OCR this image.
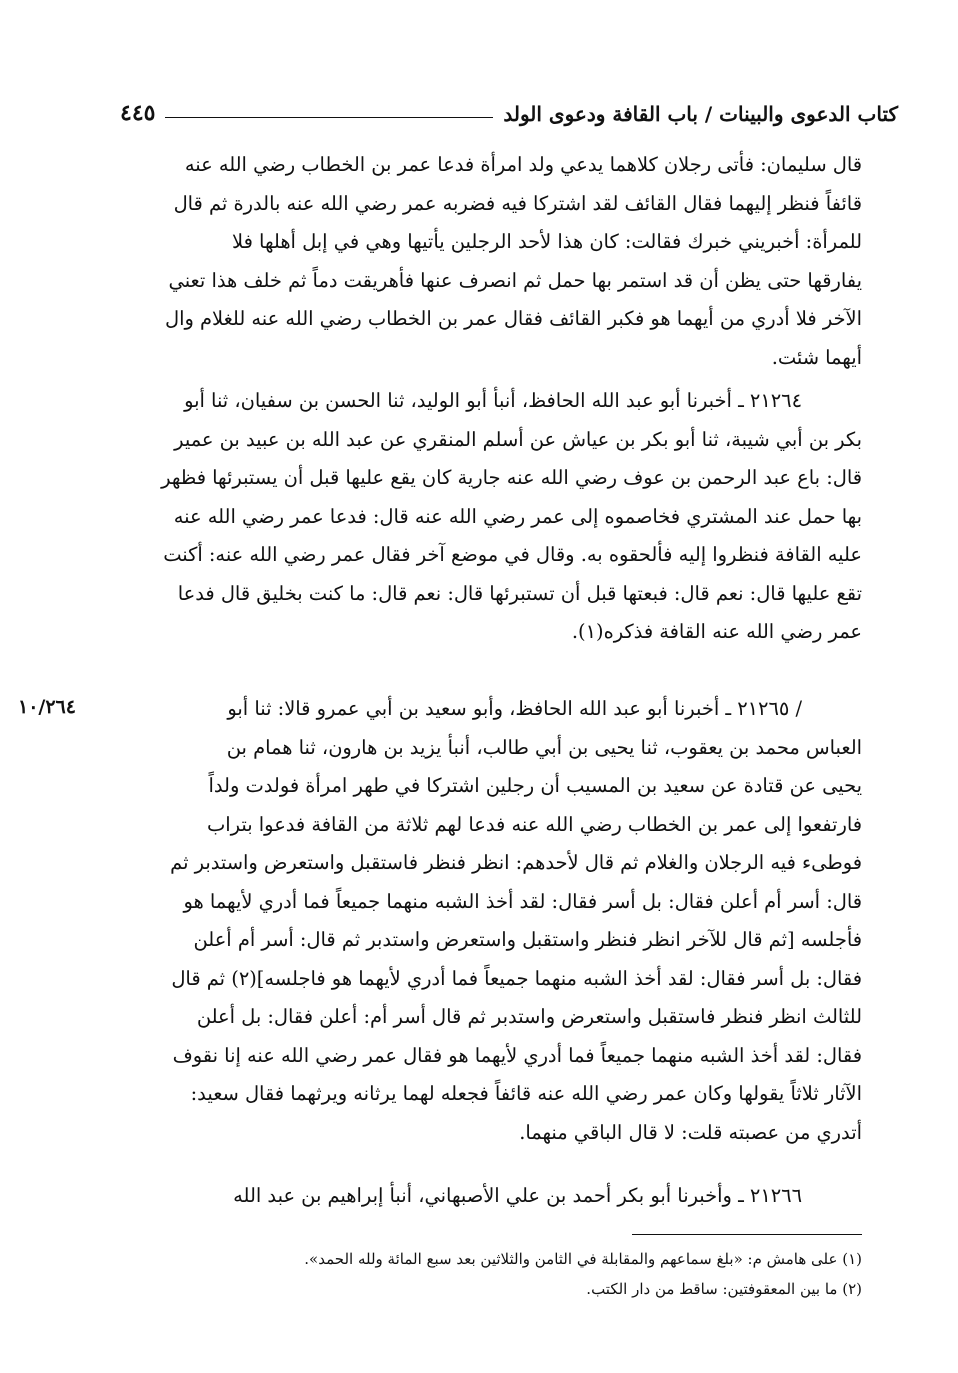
كتاب الدعوى والبينات / باب القافة ودعوى الولد
٤٤٥
قال سليمان: فأتى رجلان كلاهما يدعي ولد امرأة فدعا عمر بن الخطاب رضي الله عنه
قائفاً فنظر إليهما فقال القائف لقد اشتركا فيه فضربه عمر رضي الله عنه بالدرة ثم قال
للمرأة: أخبريني خبرك فقالت: كان هذا لأحد الرجلين يأتيها وهي في إبل أهلها فلا
يفارقها حتى يظن أن قد استمر بها حمل ثم انصرف عنها فأهريقت دماً ثم خلف هذا تعني
الآخر فلا أدري من أيهما هو فكبر القائف فقال عمر بن الخطاب رضي الله عنه للغلام وال
أيهما شئت.
٢١٢٦٤ ـ أخبرنا أبو عبد الله الحافظ، أنبأ أبو الوليد، ثنا الحسن بن سفيان، ثنا أبو
بكر بن أبي شيبة، ثنا أبو بكر بن عياش عن أسلم المنقري عن عبد الله بن عبيد بن عمير
قال: باع عبد الرحمن بن عوف رضي الله عنه جارية كان يقع عليها قبل أن يستبرئها فظهر
بها حمل عند المشتري فخاصموه إلى عمر رضي الله عنه قال: فدعا عمر رضي الله عنه
عليه القافة فنظروا إليه فألحقوه به. وقال في موضع آخر فقال عمر رضي الله عنه: أكنت
تقع عليها قال: نعم قال: فبعتها قبل أن تستبرئها قال: نعم قال: ما كنت بخليق قال فدعا
عمر رضي الله عنه القافة فذكره(١).
١٠/٢٦٤	/ ٢١٢٦٥ ـ أخبرنا أبو عبد الله الحافظ، وأبو سعيد بن أبي عمرو قالا: ثنا أبو
العباس محمد بن يعقوب، ثنا يحيى بن أبي طالب، أنبأ يزيد بن هارون، ثنا همام بن
يحيى عن قتادة عن سعيد بن المسيب أن رجلين اشتركا في طهر امرأة فولدت ولداً
فارتفعوا إلى عمر بن الخطاب رضي الله عنه فدعا لهم ثلاثة من القافة فدعوا بتراب
فوطىء فيه الرجلان والغلام ثم قال لأحدهم: انظر فنظر فاستقبل واستعرض واستدبر ثم
قال: أسر أم أعلن فقال: بل أسر فقال: لقد أخذ الشبه منهما جميعاً فما أدري لأيهما هو
فأجلسه [ثم قال للآخر انظر فنظر واستقبل واستعرض واستدبر ثم قال: أسر أم أعلن
فقال: بل أسر فقال: لقد أخذ الشبه منهما جميعاً فما أدري لأيهما هو فاجلسه](٢) ثم قال
للثالث انظر فنظر فاستقبل واستعرض واستدبر ثم قال أسر أم: أعلن فقال: بل أعلن
فقال: لقد أخذ الشبه منهما جميعاً فما أدري لأيهما هو فقال عمر رضي الله عنه إنا نقوف
الآثار ثلاثاً يقولها وكان عمر رضي الله عنه قائفاً فجعله لهما يرثانه ويرثهما فقال سعيد:
أتدري من عصبته قلت: لا قال الباقي منهما.
٢١٢٦٦ ـ وأخبرنا أبو بكر أحمد بن علي الأصبهاني، أنبأ إبراهيم بن عبد الله
(١) على هامش م: «بلغ سماعهم والمقابلة في الثامن والثلاثين بعد سبع المائة ولله الحمد».
(٢) ما بين المعقوفتين: ساقط من دار الكتب.
